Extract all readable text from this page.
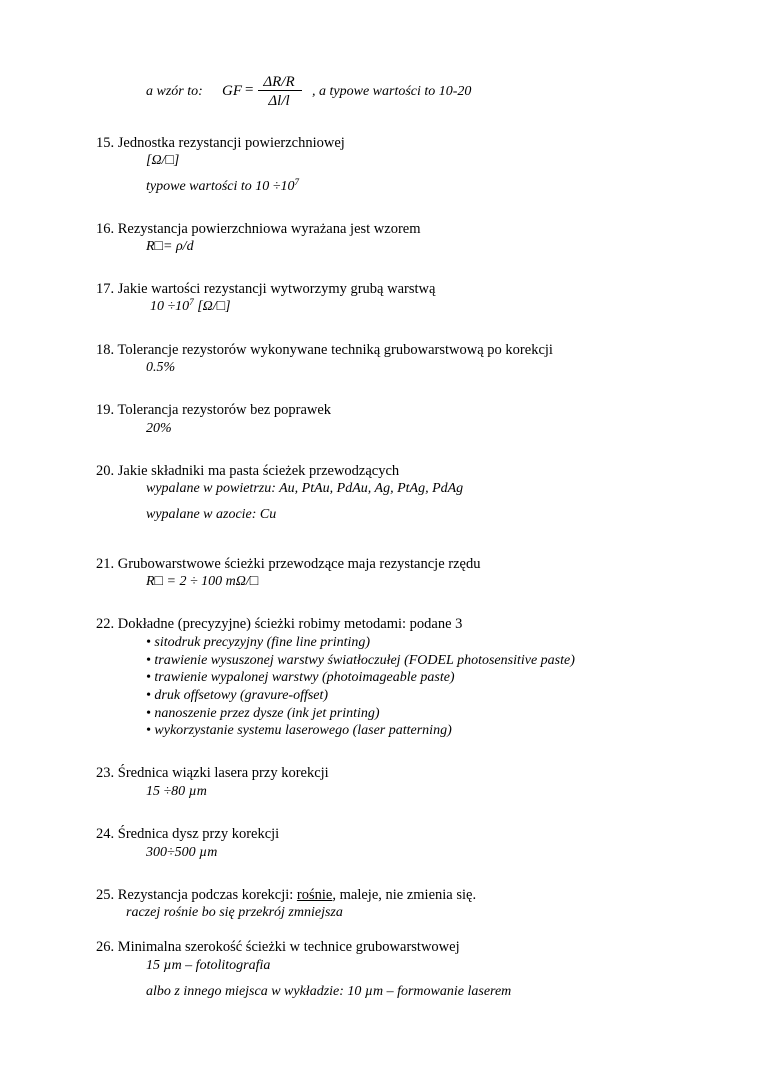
a wzór to: GF = ΔR/R
Δl/l
, a typowe wartości to 10-20
15. Jednostka rezystancji powierzchniowej
[Ω/□]
typowe wartości to $10 \div 10^7$
16. Rezystancja powierzchniowa wyrażana jest wzorem
R□= ρ/d
17. Jakie wartości rezystancji wytworzymy grubą warstwą
$10 \div 10^7$ [Ω/□]
18. Tolerancje rezystorów wykonywane techniką grubowarstwową po korekcji
0.5%
19. Tolerancja rezystorów bez poprawek
20%
20. Jakie składniki ma pasta ścieżek przewodzących
wypalane w powietrzu: Au, PtAu, PdAu, Ag, PtAg, PdAg
wypalane w azocie: Cu
21. Grubowarstwowe ścieżki przewodzące maja rezystancje rzędu
R□ = 2 ÷ 100 mΩ/□
22. Dokładne (precyzyjne) ścieżki robimy metodami: podane 3
• sitodruk precyzyjny (fine line printing)
• trawienie wysuszonej warstwy światłoczułej (FODEL photosensitive paste)
• trawienie wypalonej warstwy (photoimageable paste)
• druk offsetowy (gravure-offset)
• nanoszenie przez dysze (ink jet printing)
• wykorzystanie systemu laserowego (laser patterning)
23. Średnica wiązki lasera przy korekcji
15 ÷80 µm
24. Średnica dysz przy korekcji
300÷500 µm
25. Rezystancja podczas korekcji: rośnie, maleje, nie zmienia się.
raczej rośnie bo się przekrój zmniejsza
26. Minimalna szerokość ścieżki w technice grubowarstwowej
15 µm – fotolitografia
albo z innego miejsca w wykładzie: 10 µm – formowanie laserem
